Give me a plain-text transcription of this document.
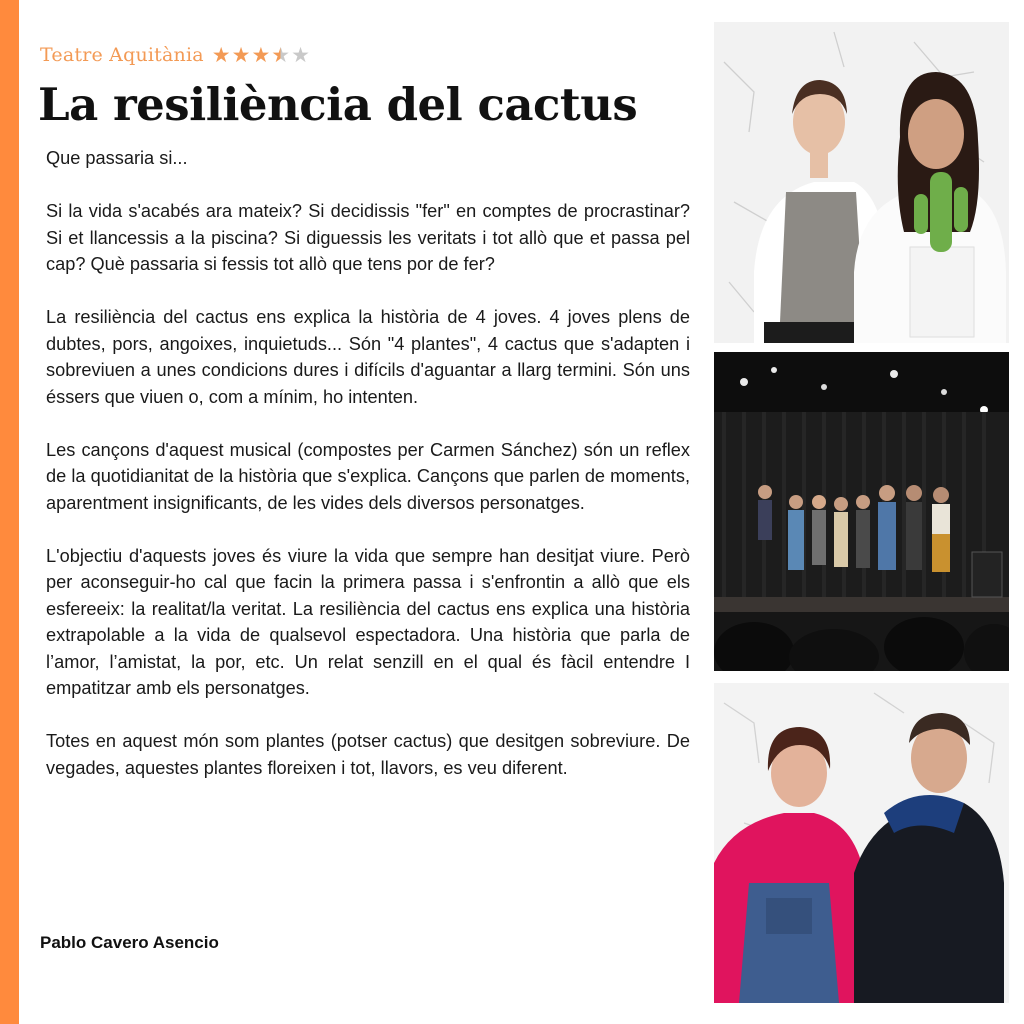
Teatre Aquitània ★ ★ ★ ★ ★
La resiliència del cactus

Que passaria si...

Si la vida s'acabés ara mateix? Si decidissis "fer" en comptes de procrastinar? Si et llancessis a la piscina? Si diguessis les veritats i tot allò que et passa pel cap? Què passaria si fessis tot allò que tens por de fer?

La resiliència del cactus ens explica la història de 4 joves. 4 joves plens de dubtes, pors, angoixes, inquietuds... Són "4 plantes", 4 cactus que s'adapten i sobreviuen a unes condicions dures i difícils d'aguantar a llarg termini. Són uns éssers que viuen o, com a mínim, ho intenten.

Les cançons d'aquest musical (compostes per Carmen Sánchez) són un reflex de la quotidianitat de la història que s'explica. Cançons que parlen de moments, aparentment insignificants, de les vides dels diversos personatges.

L'objectiu d'aquests joves és viure la vida que sempre han desitjat viure. Però per aconseguir-ho cal que facin la primera passa i s'enfrontin a allò que els esfereeix: la realitat/la veritat. La resiliència del cactus ens explica una història extrapolable a la vida de qualsevol espectadora. Una història que parla de l’amor, l’amistat, la por, etc. Un relat senzill en el qual és fàcil entendre I empatitzar amb els personatges.

Totes en aquest món som plantes (potser cactus) que desitgen sobreviure. De vegades, aquestes plantes floreixen i tot, llavors, es veu diferent.

Pablo Cavero Asencio
